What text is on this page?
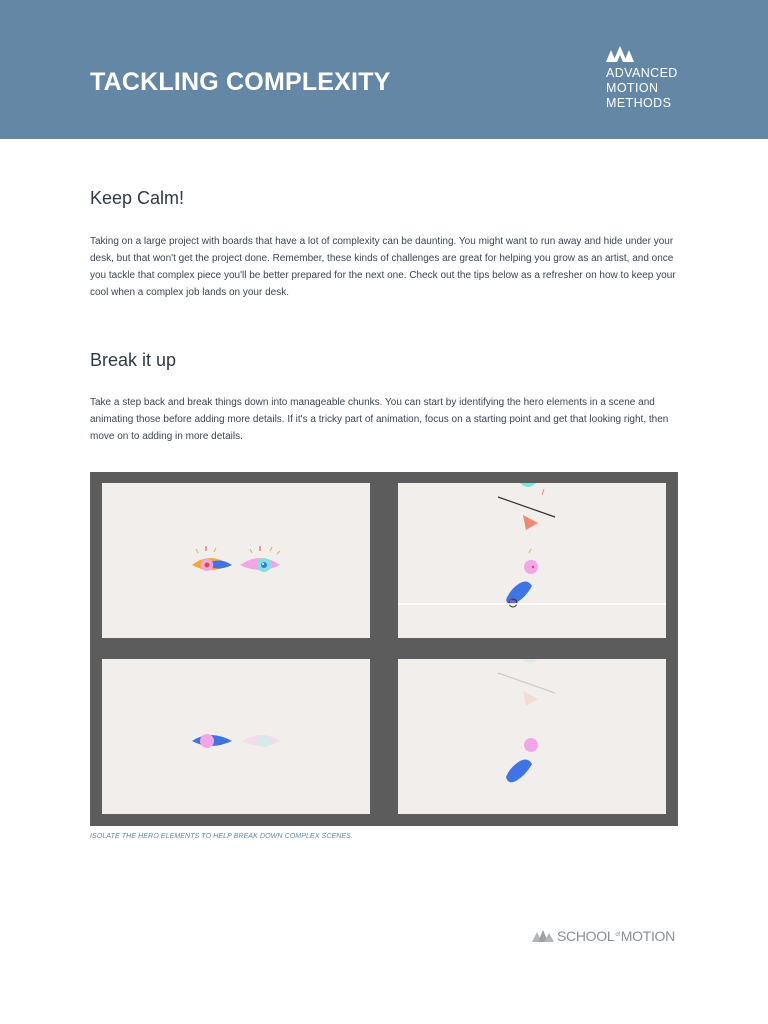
TACKLING COMPLEXITY	ADVANCED
MOTION
METHODS
Keep Calm!

Taking on a large project with boards that have a lot of complexity can be daunting. You might want to run away and hide under your desk, but that won't get the project done. Remember, these kinds of challenges are great for helping you grow as an artist, and once you tackle that complex piece you'll be better prepared for the next one. Check out the tips below as a refresher on how to keep your cool when a complex job lands on your desk.

Break it up

Take a step back and break things down into manageable chunks. You can start by identifying the hero elements in a scene and animating those before adding more details. If it's a tricky part of animation, focus on a starting point and get that looking right, then move on to adding in more details.

ISOLATE THE HERO ELEMENTS TO HELP BREAK DOWN COMPLEX SCENES.

$SCHOOL^{of}MOTION$
